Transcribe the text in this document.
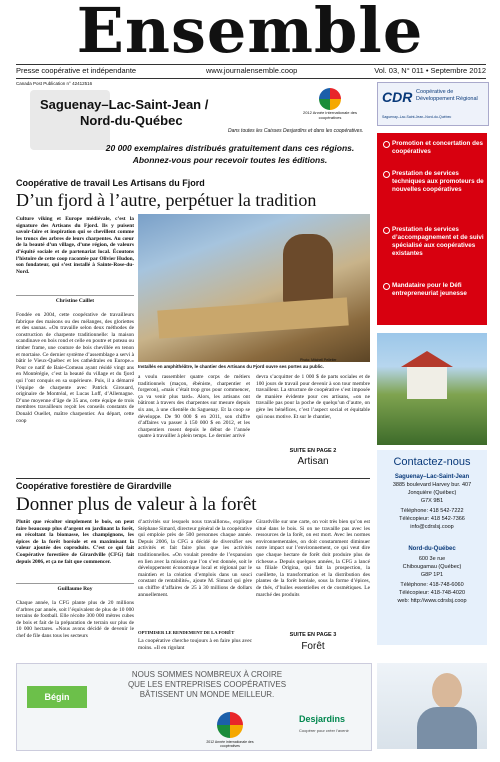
Ensemble
Presse coopérative et indépendante	www.journalensemble.coop	Vol. 03, N° 011 • Septembre 2012
Canada Post Publication n° 42412516
Saguenay–Lac-Saint-Jean /
Nord-du-Québec
2012 Année internationale des coopératives
Dans toutes les Caisses Desjardins et dans les coopératives.
20 000 exemplaires distribués gratuitement dans ces régions.
Abonnez-vous pour recevoir toutes les éditions.
Coopérative de travail Les Artisans du Fjord
D’un fjord à l’autre, perpétuer la tradition
Culture viking et Europe médiévale, c’est la signature des Artisans du Fjord. Ils y puisent savoir-faire et inspiration qui se chevillent comme les troncs des arbres de leurs charpentes. Au cœur de la beauté d’un village, d’une région, de valeurs d’équité sociale et de partenariat local. Écoutons l’histoire de cette coop racontée par Olivier Hudon, son fondateur, qui s’est installé à Sainte-Rose-du-Nord.
Christine Caillet
Photo: Mitchell Pelletier
Installés en amphithéâtre, le chantier des Artisans du Fjord ouvre ses portes au public.
Fondée en 2004, cette coopérative de travailleurs fabrique des maisons ou des mélanges, des gloriettes et des saunas. «On travaille selon deux méthodes de construction de charpente traditionnelle: la maison scandinave en bois rond et celle en poutre et poteau ou timber frame, une couture de bois chevillée en tenon et mortaise. Ce dernier système d’assemblage a servi à bâtir le Vieux-Québec et les cathédrales en Europe.» Pour ce natif de Baie-Comeau ayant résidé vingt ans en Montérégie, c’est la beauté du village et du fjord qui l’ont conquis en sa supérieure. Puis, il a démarré l’équipe de charpente avec Patrick Girouard, originaire de Montréal, et Lucas Loff, d’Allemagne. D’une moyenne d’âge de 35 ans, cette équipe de trois membres travailleurs reçoit les conseils constants de Donald Ouellet, maître charpentier. Au départ, cette coop
a voulu rassembler quatre corps de métiers traditionnels (maçon, ébéniste, charpentier et forgeron), «mais c’était trop gros pour commencer, ça va venir plus tard». Alors, les artisans ont bâtiront à travers des charpentes sur mesure depuis six ans, à une clientèle du Saguenay. Et la coop se développe. De 90 000 $ en 2011, son chiffre d’affaires va passer à 150 000 $ en 2012, et les charpentiers rosent depuis le début de l’année quatre à travailler à plein temps. Le dernier arrivé
devra s’acquitter de 1 000 $ de parts sociales et de 100 jours de travail pour devenir à son tour membre travailleur. La structure de coopérative s’est imposée de manière évidente pour ces artisans, «on ne travaille pas pour la poche de quelqu’un d’autre, on gère les bénéfices, c’est l’aspect social et équitable qui nous motive. Et sur le chantier,
SUITE EN PAGE 2
Artisan
Coopérative forestière de Girardville
Donner plus de valeur à la forêt
Plutôt que récolter simplement le bois, on peut faire beaucoup plus d’argent en jardinant la forêt, en récoltant la biomasse, les champignons, les épices de la forêt boréale et en maximisant la valeur ajoutée des coproduits. C’est ce qui fait Coopérative forestière de Girardville (CFG) fait depuis 2006, et ça ne fait que commencer.
Guillaume Roy
Chaque année, la CFG plante plus de 20 millions d’arbres par année, soit l’équivalent de plus de 10 000 terrains de football. Elle récolte 300 000 mètres cubes de bois et fait de la préparation de terrain sur plus de 10 000 hectares. «Nous avons décidé de devenir le chef de file dans tous les secteurs
d’activités sur lesquels nous travaillons», explique Stéphane Simard, directeur général de la coopérative qui emploie près de 500 personnes chaque année. Depuis 2006, la CFG a décidé de diversifier ses activités et fait faire plus que les activités traditionnelles. «On voulait prendre de l’expansion en lien avec la mission que l’on s’est donnée, soit le développement économique local et régional par le maintien et la création d’emplois dans un souci constant de rentabilité», ajoute M. Simard qui gère un chiffre d’affaires de 25 à 30 millions de dollars annuellement.
OPTIMISER LE RENDEMENT DE LA FORÊT
La coopérative cherche toujours à en faire plus avec moins. «Il en rigolant
Girardville sur une carte, on voit très bien qu’on est situé dans le bois. Si on ne travaille pas avec les ressources de la forêt, on est mort. Avec les normes environnementales, on doit constamment diminuer notre impact sur l’environnement, ce qui veut dire que chaque hectare de forêt doit produire plus de richesse.» Depuis quelques années, la CFG a lancé sa filiale Origina, qui fait la prospection, la cueillette, la transformation et la distribution des plantes de la forêt boréale, sous la forme d’épices, de thés, d’huiles essentielles et de cosmétiques. Le marché des produits
SUITE EN PAGE 3
Forêt
CDR Coopérative de Développement Régional
Saguenay–Lac-Saint-Jean–Nord-du-Québec
Promotion et concertation des coopératives
Prestation de services techniques aux promoteurs de nouvelles coopératives
Prestation de services d’accompagnement et de suivi spécialisé aux coopératives existantes
Mandataire pour le Défi entrepreneuriat jeunesse
Contactez-nous
Saguenay–Lac-Saint-Jean
3885 boulevard Harvey bur. 407
Jonquière (Québec)
G7X 9B1
Téléphone: 418 542-7222
Télécopieur: 418 542-7366
info@cdrslsj.coop
Nord-du-Québec
600 3e rue
Chibougamau (Québec)
G8P 1P1
Téléphone: 418-748-6060
Télécopieur: 418-748-4020
web: http://www.cdrslsj.coop
Bégin
NOUS SOMMES NOMBREUX À CROIRE
QUE LES ENTREPRISES COOPÉRATIVES
BÂTISSENT UN MONDE MEILLEUR.
2012 Année internationale des coopératives
Desjardins
Coopérer pour créer l’avenir
